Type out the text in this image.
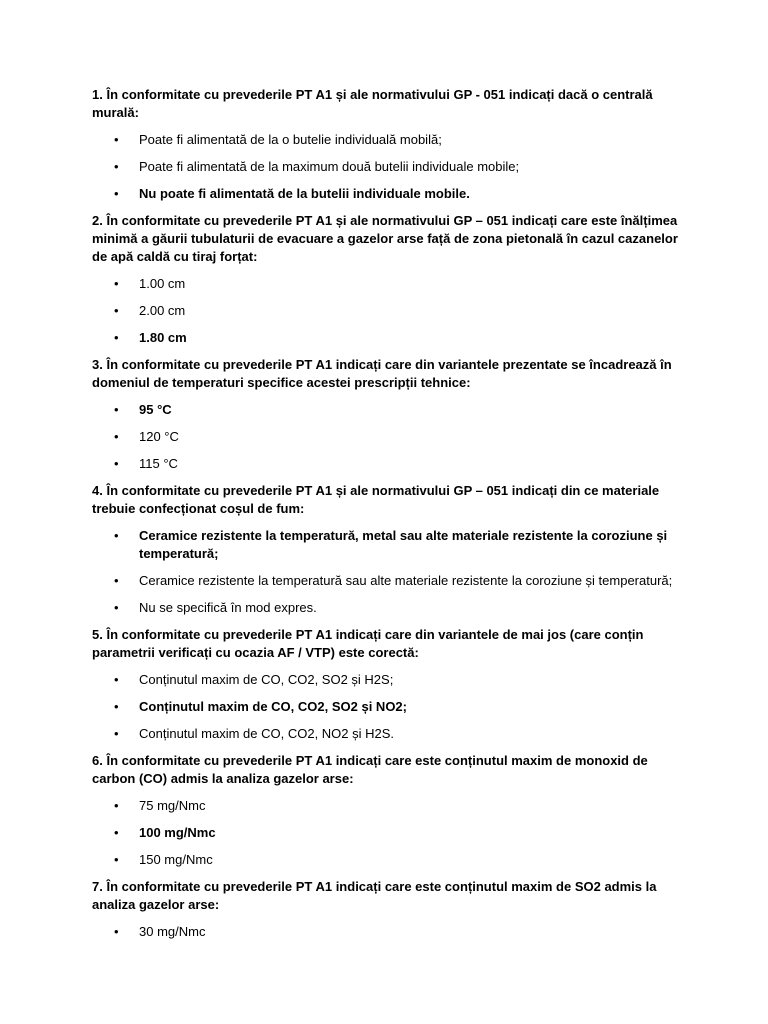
1. În conformitate cu prevederile PT A1 și ale normativului GP - 051 indicați dacă o centrală murală:
• Poate fi alimentată de la o butelie individuală mobilă;
• Poate fi alimentată de la maximum două butelii individuale mobile;
• Nu poate fi alimentată de la butelii individuale mobile.
2. În conformitate cu prevederile PT A1 și ale normativului GP – 051 indicați care este înălțimea minimă a găurii tubulaturii de evacuare a gazelor arse față de zona pietonală în cazul cazanelor de apă caldă cu tiraj forțat:
• 1.00 cm
• 2.00 cm
• 1.80 cm
3. În conformitate cu prevederile PT A1 indicați care din variantele prezentate se încadrează în domeniul de temperaturi specifice acestei prescripții tehnice:
• 95 °C
• 120 °C
• 115 °C
4. În conformitate cu prevederile PT A1 și ale normativului GP – 051 indicați din ce materiale trebuie confecționat coșul de fum:
• Ceramice rezistente la temperatură, metal sau alte materiale rezistente la coroziune și temperatură;
• Ceramice rezistente la temperatură sau alte materiale rezistente la coroziune și temperatură;
• Nu se specifică în mod expres.
5. În conformitate cu prevederile PT A1 indicați care din variantele de mai jos (care conțin parametrii verificați cu ocazia AF / VTP) este corectă:
• Conținutul maxim de CO, CO2, SO2 și H2S;
• Conținutul maxim de CO, CO2, SO2 și NO2;
• Conținutul maxim de CO, CO2, NO2 și H2S.
6. În conformitate cu prevederile PT A1 indicați care este conținutul maxim de monoxid de carbon (CO) admis la analiza gazelor arse:
• 75 mg/Nmc
• 100 mg/Nmc
• 150 mg/Nmc
7. În conformitate cu prevederile PT A1 indicați care este conținutul maxim de SO2 admis la analiza gazelor arse:
• 30 mg/Nmc
